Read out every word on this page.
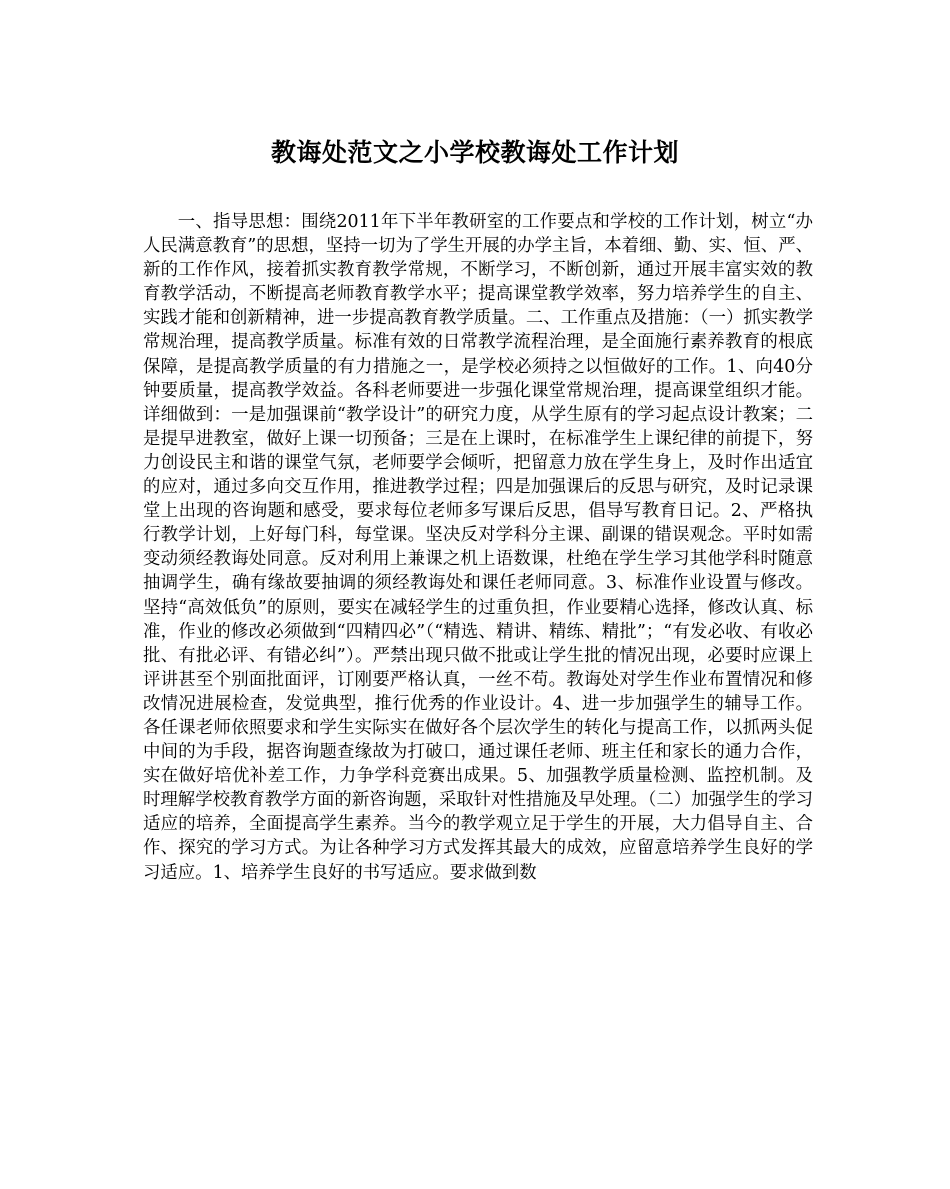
教诲处范文之小学校教诲处工作计划

一、指导思想：围绕2011年下半年教研室的工作要点和学校的工作计划，树立“办人民满意教育”的思想，坚持一切为了学生开展的办学主旨，本着细、勤、实、恒、严、新的工作作风，接着抓实教育教学常规，不断学习，不断创新，通过开展丰富实效的教育教学活动，不断提高老师教育教学水平；提高课堂教学效率，努力培养学生的自主、实践才能和创新精神，进一步提高教育教学质量。二、工作重点及措施：（一）抓实教学常规治理，提高教学质量。标准有效的日常教学流程治理，是全面施行素养教育的根底保障，是提高教学质量的有力措施之一，是学校必须持之以恒做好的工作。1、向40分钟要质量，提高教学效益。各科老师要进一步强化课堂常规治理，提高课堂组织才能。详细做到：一是加强课前“教学设计”的研究力度，从学生原有的学习起点设计教案；二是提早进教室，做好上课一切预备；三是在上课时，在标准学生上课纪律的前提下，努力创设民主和谐的课堂气氛，老师要学会倾听，把留意力放在学生身上，及时作出适宜的应对，通过多向交互作用，推进教学过程；四是加强课后的反思与研究，及时记录课堂上出现的咨询题和感受，要求每位老师多写课后反思，倡导写教育日记。2、严格执行教学计划，上好每门科，每堂课。坚决反对学科分主课、副课的错误观念。平时如需变动须经教诲处同意。反对利用上兼课之机上语数课，杜绝在学生学习其他学科时随意抽调学生，确有缘故要抽调的须经教诲处和课任老师同意。3、标准作业设置与修改。坚持“高效低负”的原则，要实在减轻学生的过重负担，作业要精心选择，修改认真、标准，作业的修改必须做到“四精四必”（“精选、精讲、精练、精批”；“有发必收、有收必批、有批必评、有错必纠”）。严禁出现只做不批或让学生批的情况出现，必要时应课上评讲甚至个别面批面评，订刚要严格认真，一丝不苟。教诲处对学生作业布置情况和修改情况进展检查，发觉典型，推行优秀的作业设计。4、进一步加强学生的辅导工作。各任课老师依照要求和学生实际实在做好各个层次学生的转化与提高工作，以抓两头促中间的为手段，据咨询题查缘故为打破口，通过课任老师、班主任和家长的通力合作，实在做好培优补差工作，力争学科竞赛出成果。5、加强教学质量检测、监控机制。及时理解学校教育教学方面的新咨询题，采取针对性措施及早处理。（二）加强学生的学习适应的培养，全面提高学生素养。当今的教学观立足于学生的开展，大力倡导自主、合作、探究的学习方式。为让各种学习方式发挥其最大的成效，应留意培养学生良好的学习适应。1、培养学生良好的书写适应。要求做到数
